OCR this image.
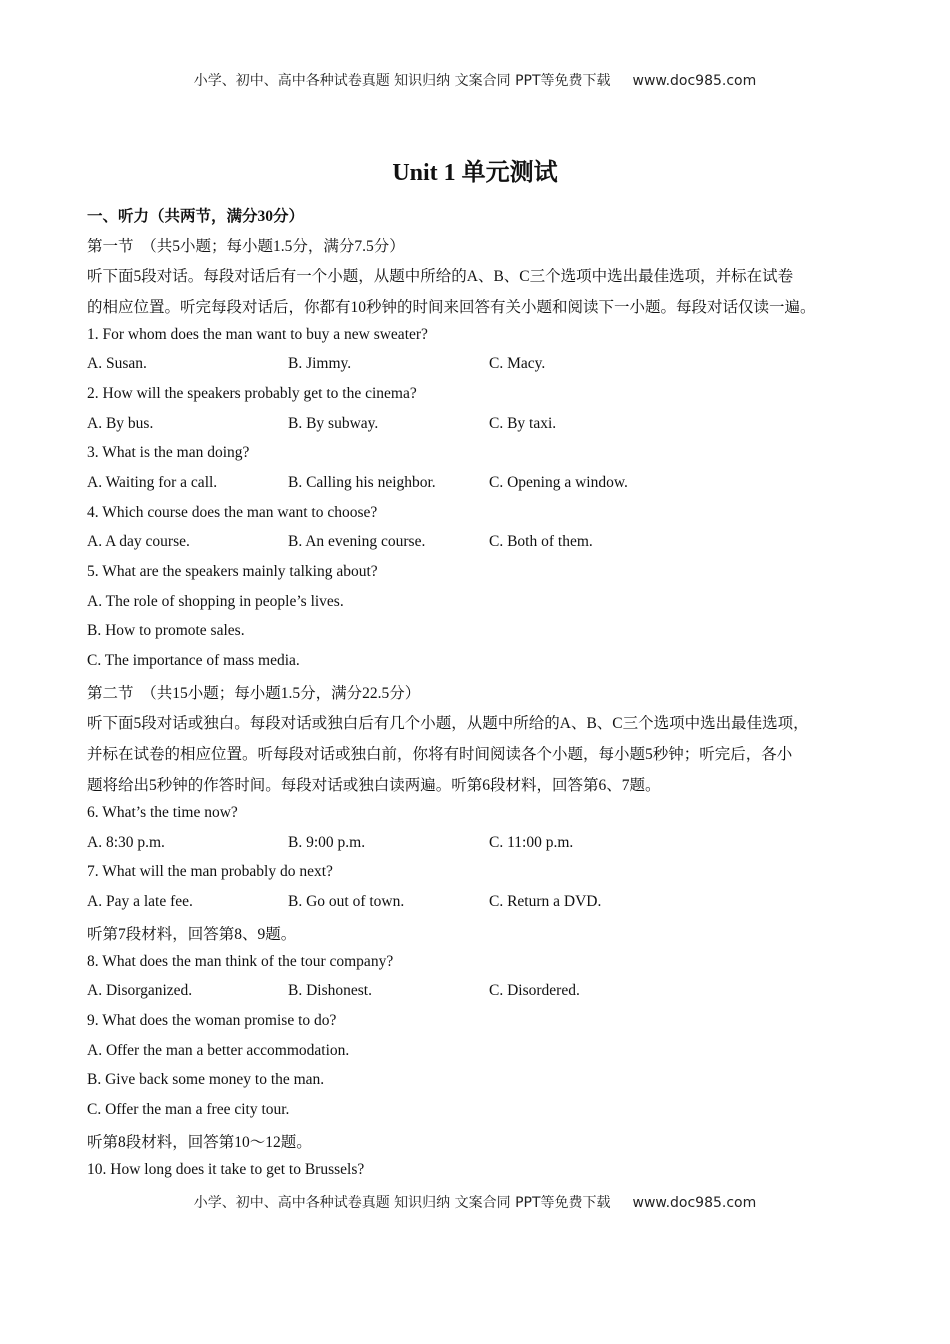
小学、初中、高中各种试卷真题 知识归纳 文案合同 PPT等免费下载 www.doc985.com
Unit 1 单元测试
一、听力（共两节，满分30分）
第一节　（共5小题；每小题1.5分，满分7.5分）
听下面5段对话。每段对话后有一个小题，从题中所给的A、B、C三个选项中选出最佳选项，并标在试卷
的相应位置。听完每段对话后，你都有10秒钟的时间来回答有关小题和阅读下一小题。每段对话仅读一遍。
1. For whom does the man want to buy a new sweater?
A. Susan.	B. Jimmy.	C. Macy.
2. How will the speakers probably get to the cinema?
A. By bus.	B. By subway.	C. By taxi.
3. What is the man doing?
A. Waiting for a call.	B. Calling his neighbor.	C. Opening a window.
4. Which course does the man want to choose?
A. A day course.	B. An evening course.	C. Both of them.
5. What are the speakers mainly talking about?
A. The role of shopping in people’s lives.
B. How to promote sales.
C. The importance of mass media.
第二节　（共15小题；每小题1.5分，满分22.5分）
听下面5段对话或独白。每段对话或独白后有几个小题，从题中所给的A、B、C三个选项中选出最佳选项，
并标在试卷的相应位置。听每段对话或独白前，你将有时间阅读各个小题，每小题5秒钟；听完后，各小
题将给出5秒钟的作答时间。每段对话或独白读两遍。听第6段材料，回答第6、7题。
6. What’s the time now?
A. 8:30 p.m.	B. 9:00 p.m.	C. 11:00 p.m.
7. What will the man probably do next?
A. Pay a late fee.	B. Go out of town.	C. Return a DVD.
听第7段材料，回答第8、9题。
8. What does the man think of the tour company?
A. Disorganized.	B. Dishonest.	C. Disordered.
9. What does the woman promise to do?
A. Offer the man a better accommodation.
B. Give back some money to the man.
C. Offer the man a free city tour.
听第8段材料，回答第10～12题。
10. How long does it take to get to Brussels?
小学、初中、高中各种试卷真题 知识归纳 文案合同 PPT等免费下载 www.doc985.com
